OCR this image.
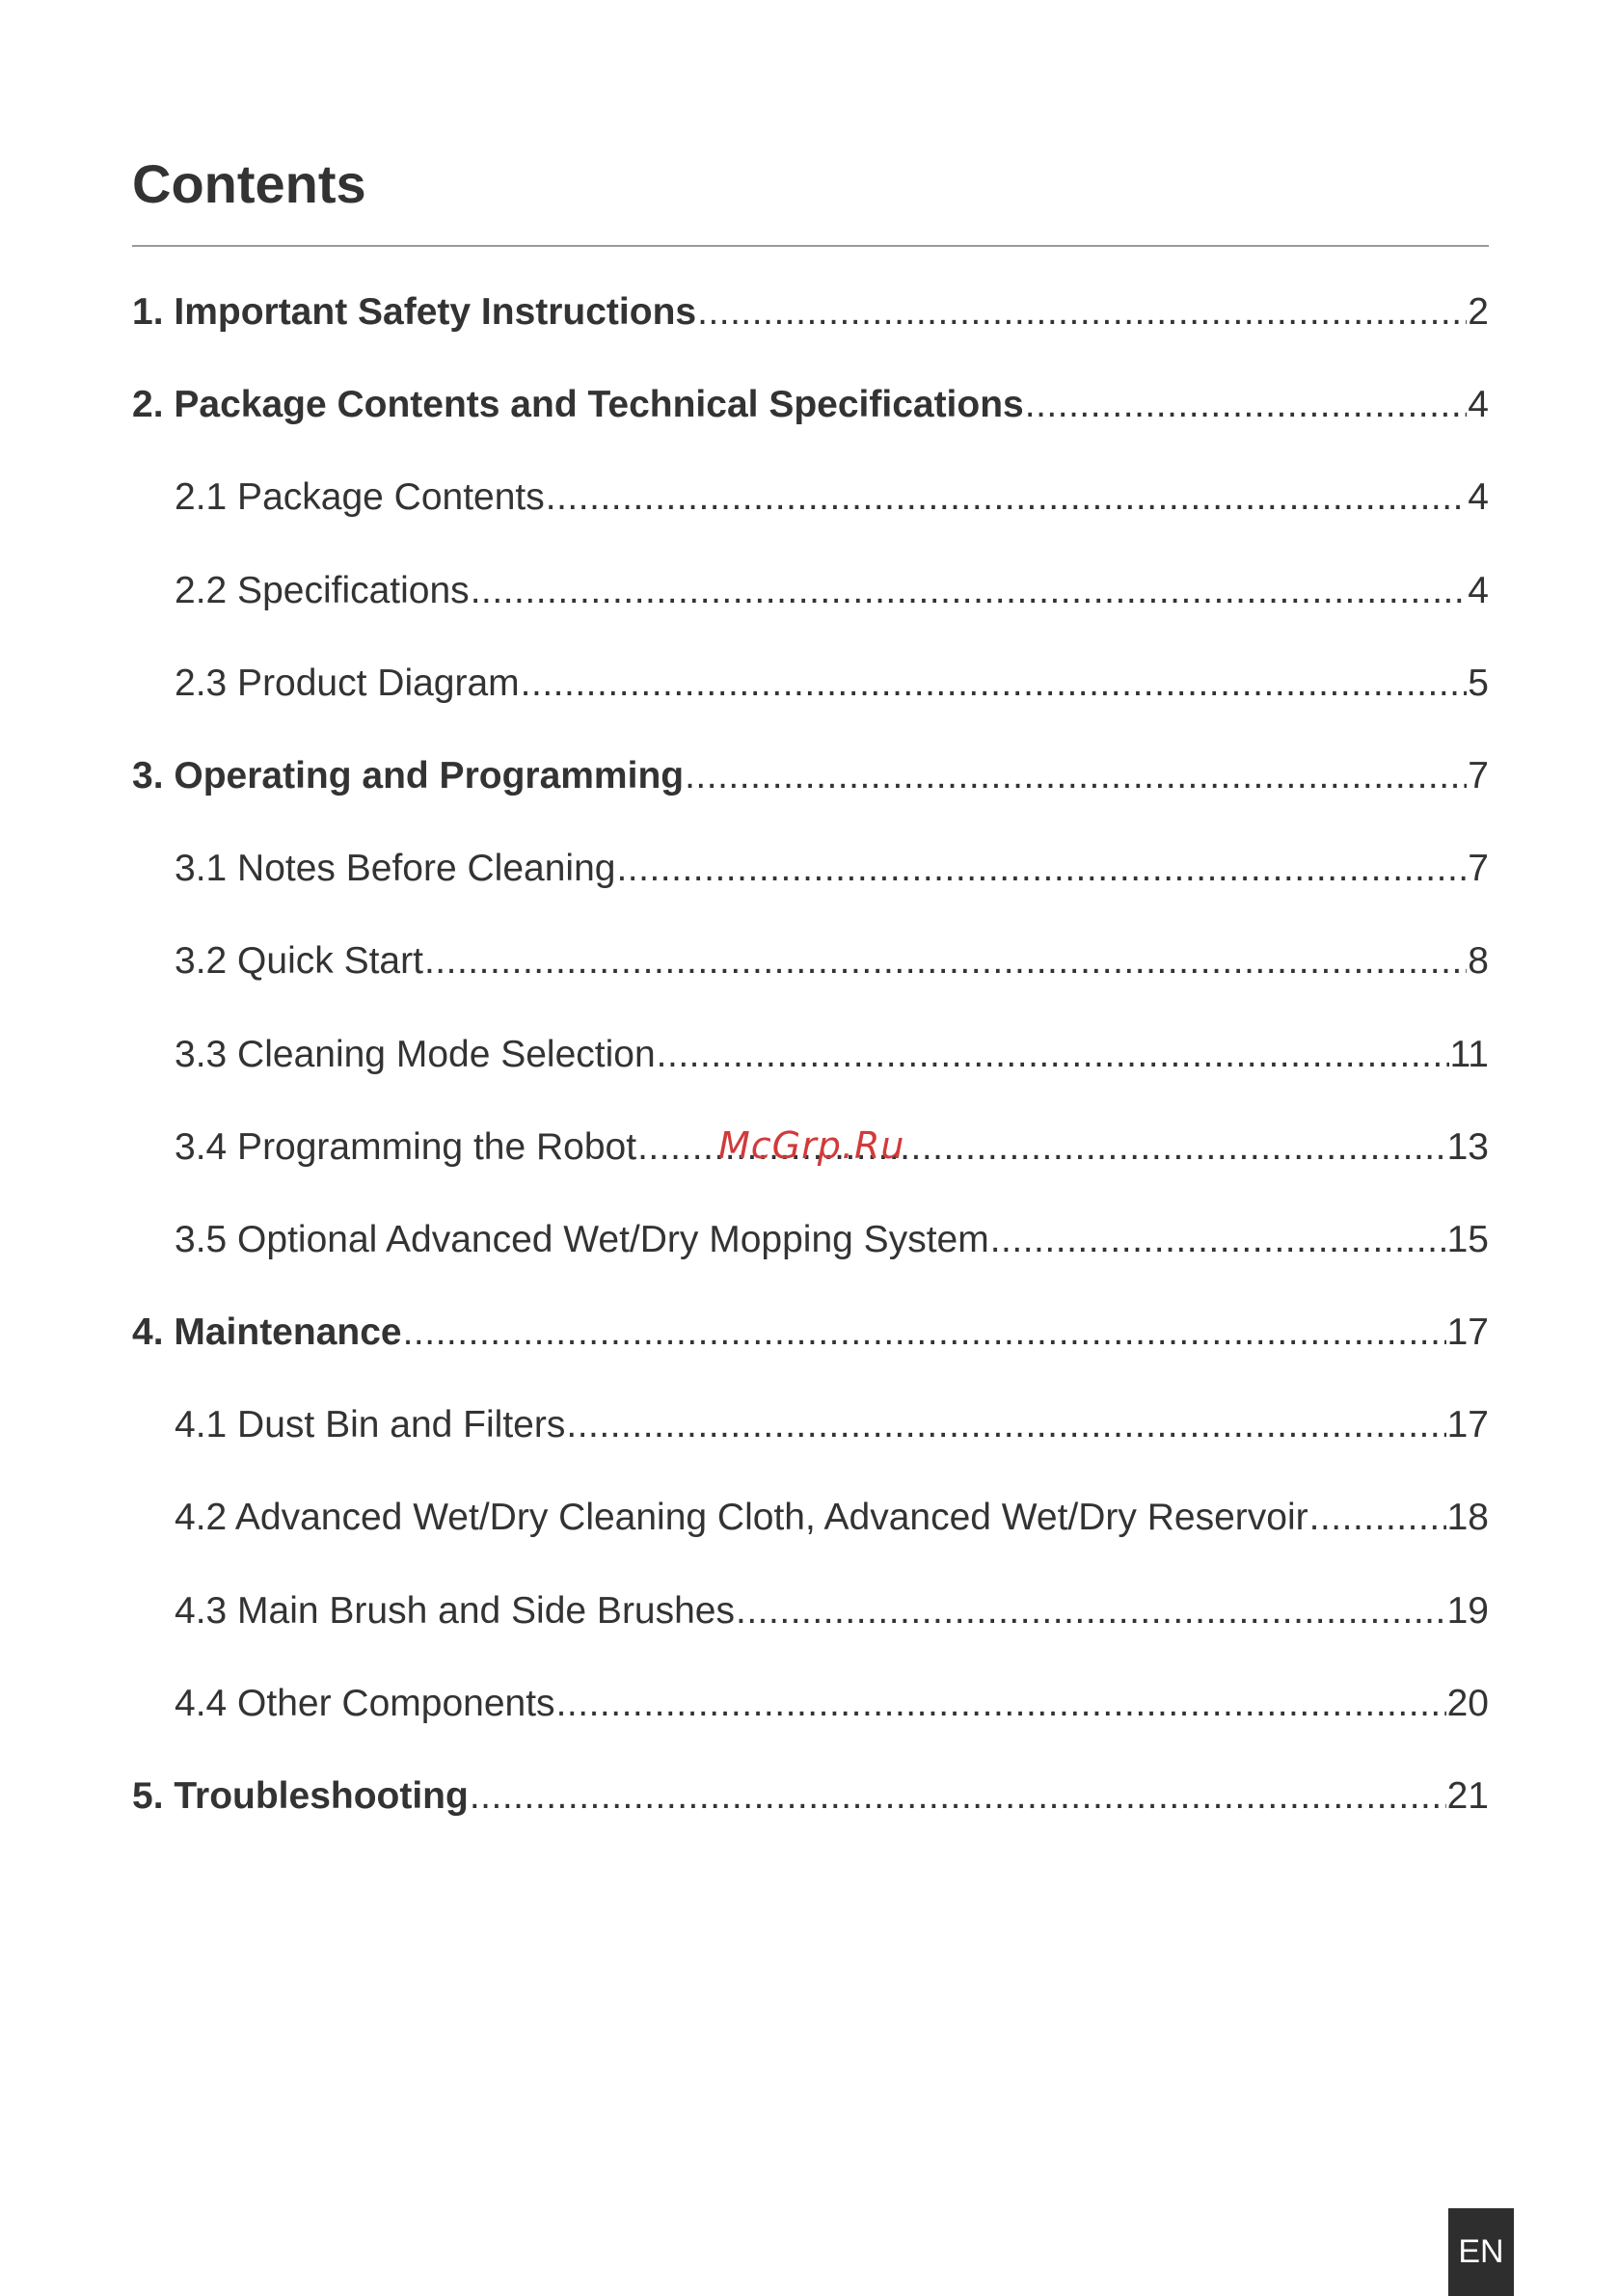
Contents
1. Important Safety Instructions .....	2
2. Package Contents and Technical Specifications .....	4
2.1 Package Contents .....	4
2.2 Specifications .....	4
2.3 Product Diagram .....	5
3. Operating and Programming .....	7
3.1 Notes Before Cleaning .....	7
3.2 Quick Start .....	8
3.3 Cleaning Mode Selection .....	11
3.4 Programming the Robot .....	13
3.5 Optional Advanced Wet/Dry Mopping System .....	15
4. Maintenance .....	17
4.1 Dust Bin and Filters .....	17
4.2 Advanced Wet/Dry Cleaning Cloth, Advanced Wet/Dry Reservoir .....	18
4.3 Main Brush and Side Brushes .....	19
4.4 Other Components .....	20
5. Troubleshooting .....	21
McGrp.Ru
EN
